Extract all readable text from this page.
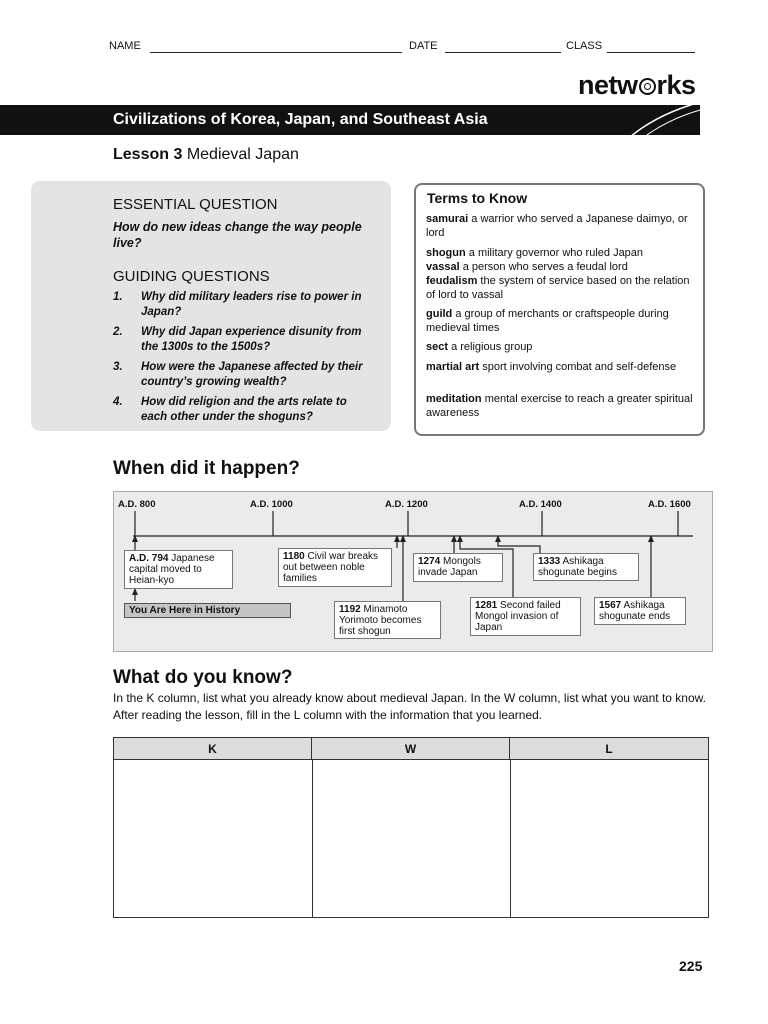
NAME	DATE	CLASS
netw rks
Civilizations of Korea, Japan, and Southeast Asia
Lesson 3 Medieval Japan
ESSENTIAL QUESTION
How do new ideas change the way people live?
GUIDING QUESTIONS
1. Why did military leaders rise to power in Japan?
2. Why did Japan experience disunity from the 1300s to the 1500s?
3. How were the Japanese affected by their country’s growing wealth?
4. How did religion and the arts relate to each other under the shoguns?
Terms to Know
samurai a warrior who served a Japanese daimyo, or lord
shogun a military governor who ruled Japan
vassal a person who serves a feudal lord
feudalism the system of service based on the relation of lord to vassal
guild a group of merchants or craftspeople during medieval times
sect a religious group
martial art sport involving combat and self-defense
meditation mental exercise to reach a greater spiritual awareness
When did it happen?
A.D. 800	A.D. 1000	A.D. 1200	A.D. 1400	A.D. 1600
A.D. 794 Japanese capital moved to Heian-kyo
1180 Civil war breaks out between noble families
1192 Minamoto Yorimoto becomes first shogun
1274 Mongols invade Japan
1281 Second failed Mongol invasion of Japan
1333 Ashikaga shogunate begins
1567 Ashikaga shogunate ends
You Are Here in History
What do you know?
In the K column, list what you already know about medieval Japan. In the W column, list what you want to know. After reading the lesson, fill in the L column with the information that you learned.
K	W	L
225
